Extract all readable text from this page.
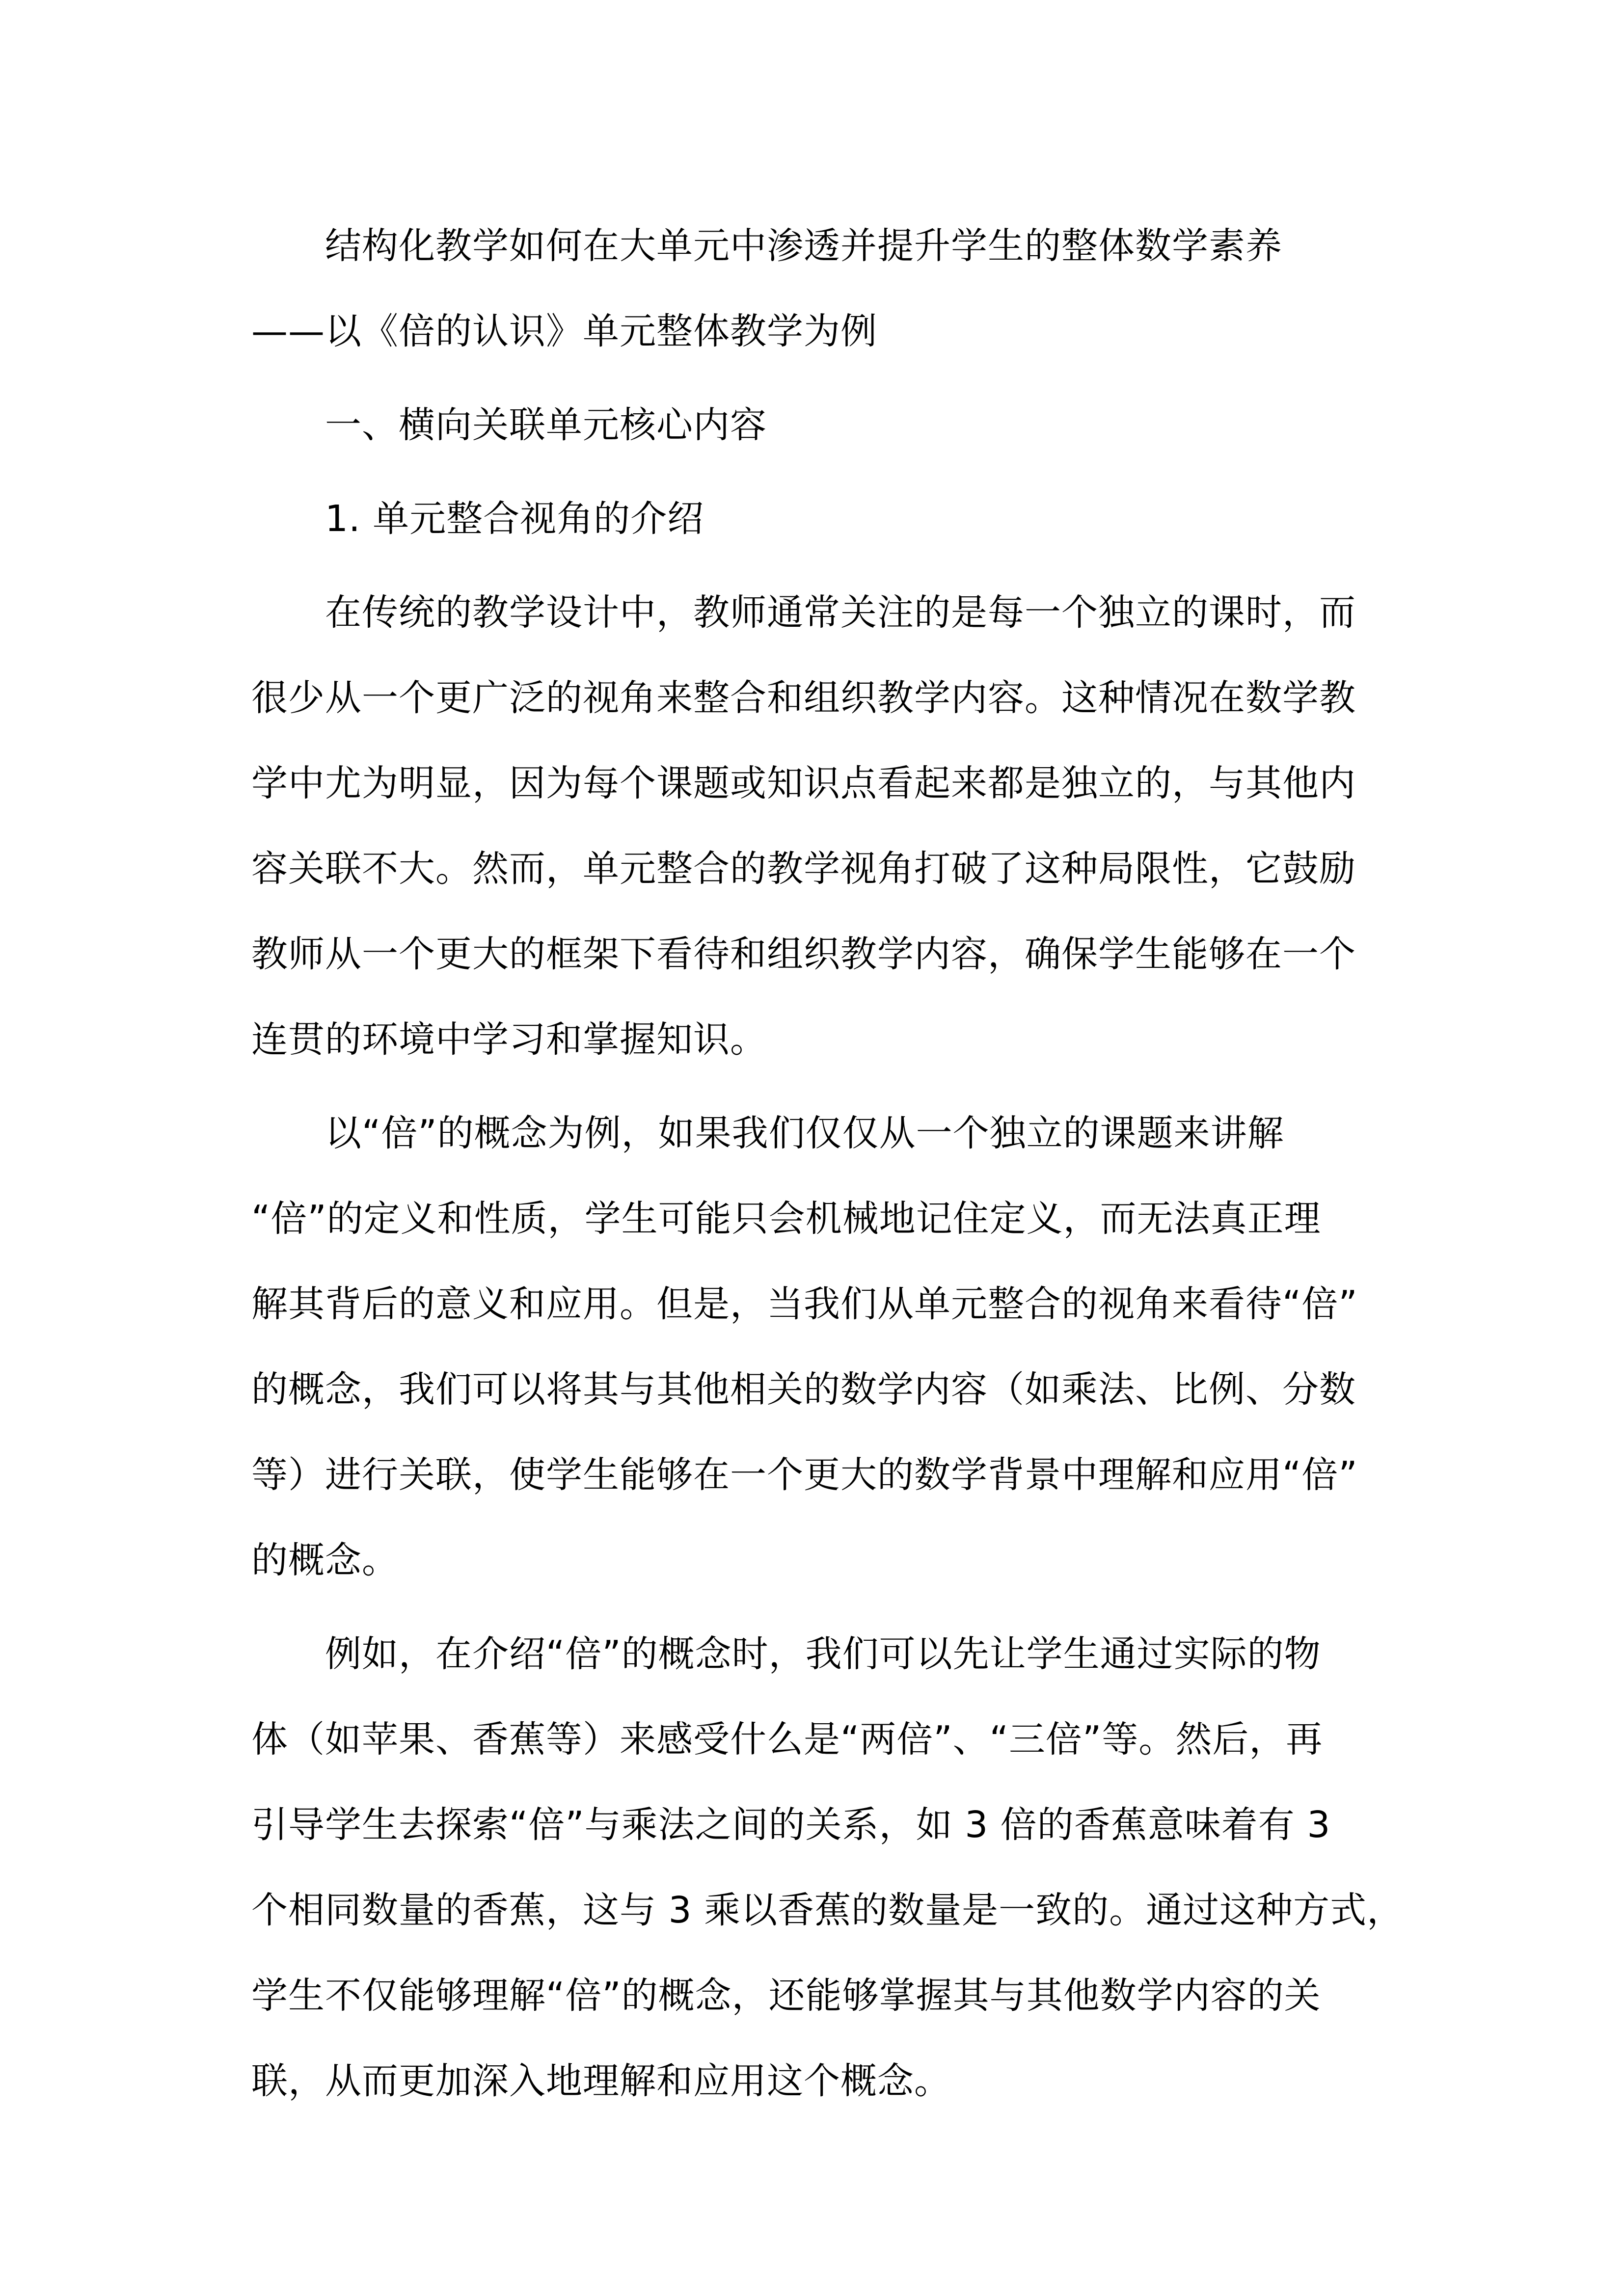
结构化教学如何在大单元中渗透并提升学生的整体数学素养
——以《倍的认识》单元整体教学为例
一、横向关联单元核心内容
1. 单元整合视角的介绍
在传统的教学设计中，教师通常关注的是每一个独立的课时，而
很少从一个更广泛的视角来整合和组织教学内容。这种情况在数学教
学中尤为明显，因为每个课题或知识点看起来都是独立的，与其他内
容关联不大。然而，单元整合的教学视角打破了这种局限性，它鼓励
教师从一个更大的框架下看待和组织教学内容，确保学生能够在一个
连贯的环境中学习和掌握知识。
以“倍”的概念为例，如果我们仅仅从一个独立的课题来讲解
“倍”的定义和性质，学生可能只会机械地记住定义，而无法真正理
解其背后的意义和应用。但是，当我们从单元整合的视角来看待“倍”
的概念，我们可以将其与其他相关的数学内容（如乘法、比例、分数
等）进行关联，使学生能够在一个更大的数学背景中理解和应用“倍”
的概念。
例如，在介绍“倍”的概念时，我们可以先让学生通过实际的物
体（如苹果、香蕉等）来感受什么是“两倍”、“三倍”等。然后，再
引导学生去探索“倍”与乘法之间的关系，如 3 倍的香蕉意味着有 3
个相同数量的香蕉，这与 3 乘以香蕉的数量是一致的。通过这种方式，
学生不仅能够理解“倍”的概念，还能够掌握其与其他数学内容的关
联，从而更加深入地理解和应用这个概念。
